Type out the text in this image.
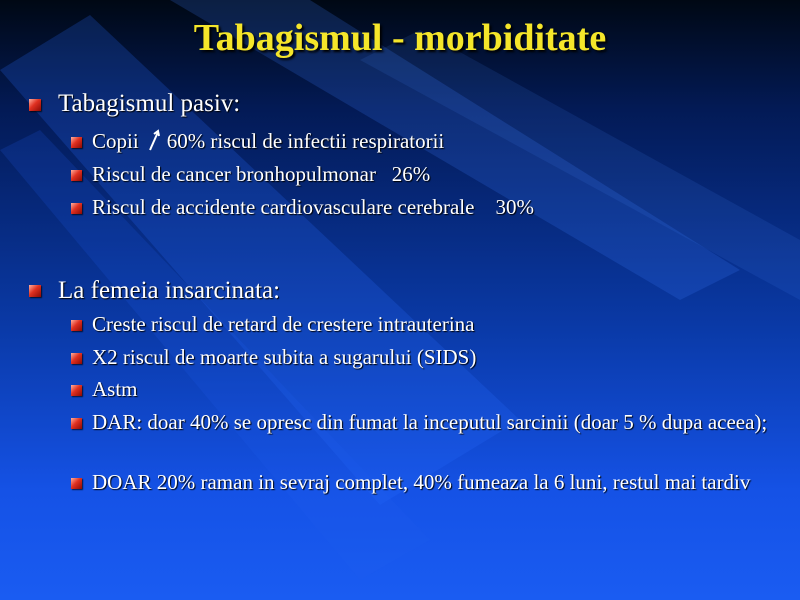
Tabagismul - morbiditate
Tabagismul pasiv:
Copii 60% riscul de infectii respiratorii
Riscul de cancer bronhopulmonar   26%
Riscul de accidente cardiovasculare cerebrale    30%
La femeia insarcinata:
Creste riscul de retard de crestere intrauterina
X2 riscul de moarte subita a sugarului (SIDS)
Astm
DAR: doar 40% se opresc din fumat la inceputul sarcinii (doar 5 % dupa aceea);
DOAR 20% raman in sevraj complet, 40% fumeaza la 6 luni, restul mai tardiv
